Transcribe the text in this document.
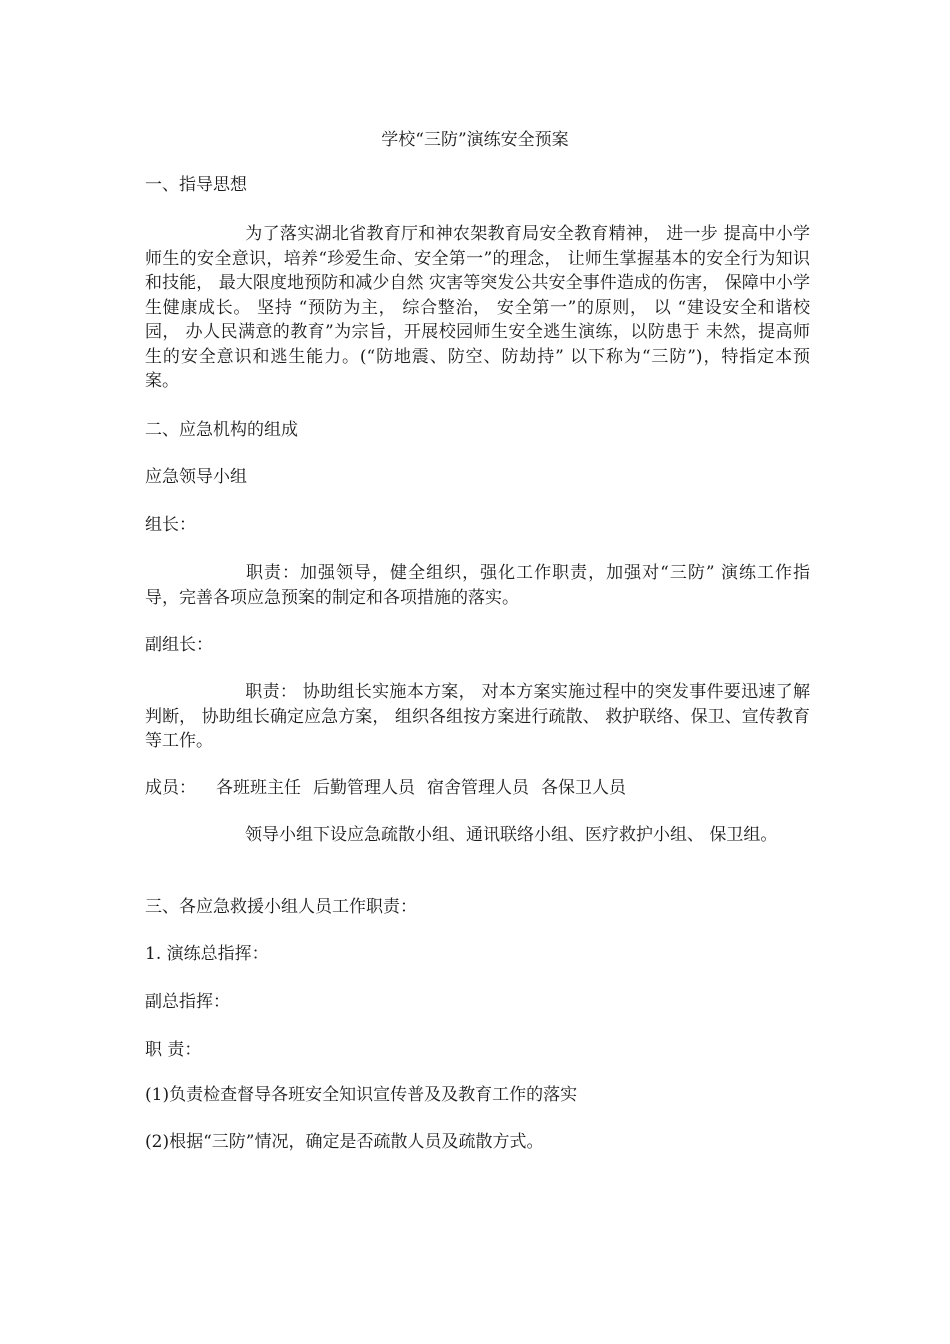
学校“三防”演练安全预案
一、指导思想
为了落实湖北省教育厅和神农架教育局安全教育精神， 进一步 提高中小学师生的安全意识，培养“珍爱生命、安全第一”的理念， 让师生掌握基本的安全行为知识和技能， 最大限度地预防和减少自然 灾害等突发公共安全事件造成的伤害， 保障中小学生健康成长。 坚持 “预防为主， 综合整治， 安全第一”的原则， 以 “建设安全和谐校园， 办人民满意的教育”为宗旨，开展校园师生安全逃生演练，以防患于 未然，提高师生的安全意识和逃生能力。(“防地震、防空、防劫持” 以下称为“三防”)，特指定本预案。
二、应急机构的组成
应急领导小组
组长：
职责：加强领导，健全组织，强化工作职责，加强对“三防” 演练工作指导，完善各项应急预案的制定和各项措施的落实。
副组长：
职责： 协助组长实施本方案， 对本方案实施过程中的突发事件要迅速了解判断， 协助组长确定应急方案， 组织各组按方案进行疏散、 救护联络、保卫、宣传教育等工作。
成员： 各班班主任 后勤管理人员 宿舍管理人员 各保卫人员
领导小组下设应急疏散小组、通讯联络小组、医疗救护小组、 保卫组。
三、各应急救援小组人员工作职责：
1. 演练总指挥：
副总指挥：
职 责：
(1)负责检查督导各班安全知识宣传普及及教育工作的落实
(2)根据“三防”情况，确定是否疏散人员及疏散方式。
